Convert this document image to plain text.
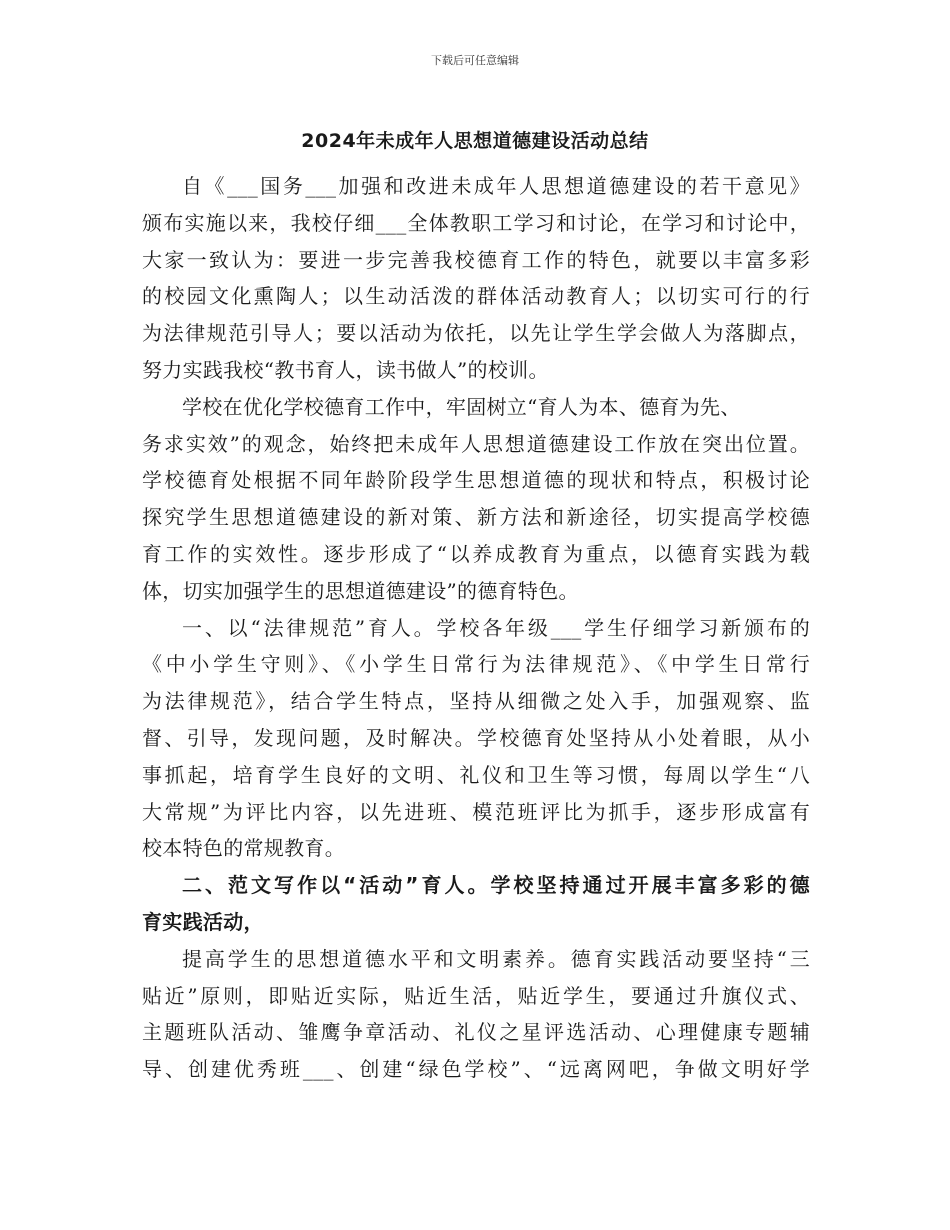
下载后可任意编辑
2024年未成年人思想道德建设活动总结
自《___国务___加强和改进未成年人思想道德建设的若干意见》
颁布实施以来，我校仔细___全体教职工学习和讨论，在学习和讨论中，
大家一致认为：要进一步完善我校德育工作的特色，就要以丰富多彩
的校园文化熏陶人；以生动活泼的群体活动教育人；以切实可行的行
为法律规范引导人；要以活动为依托，以先让学生学会做人为落脚点，
努力实践我校“教书育人，读书做人”的校训。
学校在优化学校德育工作中，牢固树立“育人为本、德育为先、
务求实效”的观念，始终把未成年人思想道德建设工作放在突出位置。
学校德育处根据不同年龄阶段学生思想道德的现状和特点，积极讨论
探究学生思想道德建设的新对策、新方法和新途径，切实提高学校德
育工作的实效性。逐步形成了“以养成教育为重点，以德育实践为载
体，切实加强学生的思想道德建设”的德育特色。
一、以“法律规范”育人。学校各年级___学生仔细学习新颁布的
《中小学生守则》、《小学生日常行为法律规范》、《中学生日常行
为法律规范》，结合学生特点，坚持从细微之处入手，加强观察、监
督、引导，发现问题，及时解决。学校德育处坚持从小处着眼，从小
事抓起，培育学生良好的文明、礼仪和卫生等习惯，每周以学生“八
大常规”为评比内容，以先进班、模范班评比为抓手，逐步形成富有
校本特色的常规教育。
二、范文写作以“活动”育人。学校坚持通过开展丰富多彩的德
育实践活动，
提高学生的思想道德水平和文明素养。德育实践活动要坚持“三
贴近”原则，即贴近实际，贴近生活，贴近学生，要通过升旗仪式、
主题班队活动、雏鹰争章活动、礼仪之星评选活动、心理健康专题辅
导、创建优秀班___、创建“绿色学校”、“远离网吧，争做文明好学
